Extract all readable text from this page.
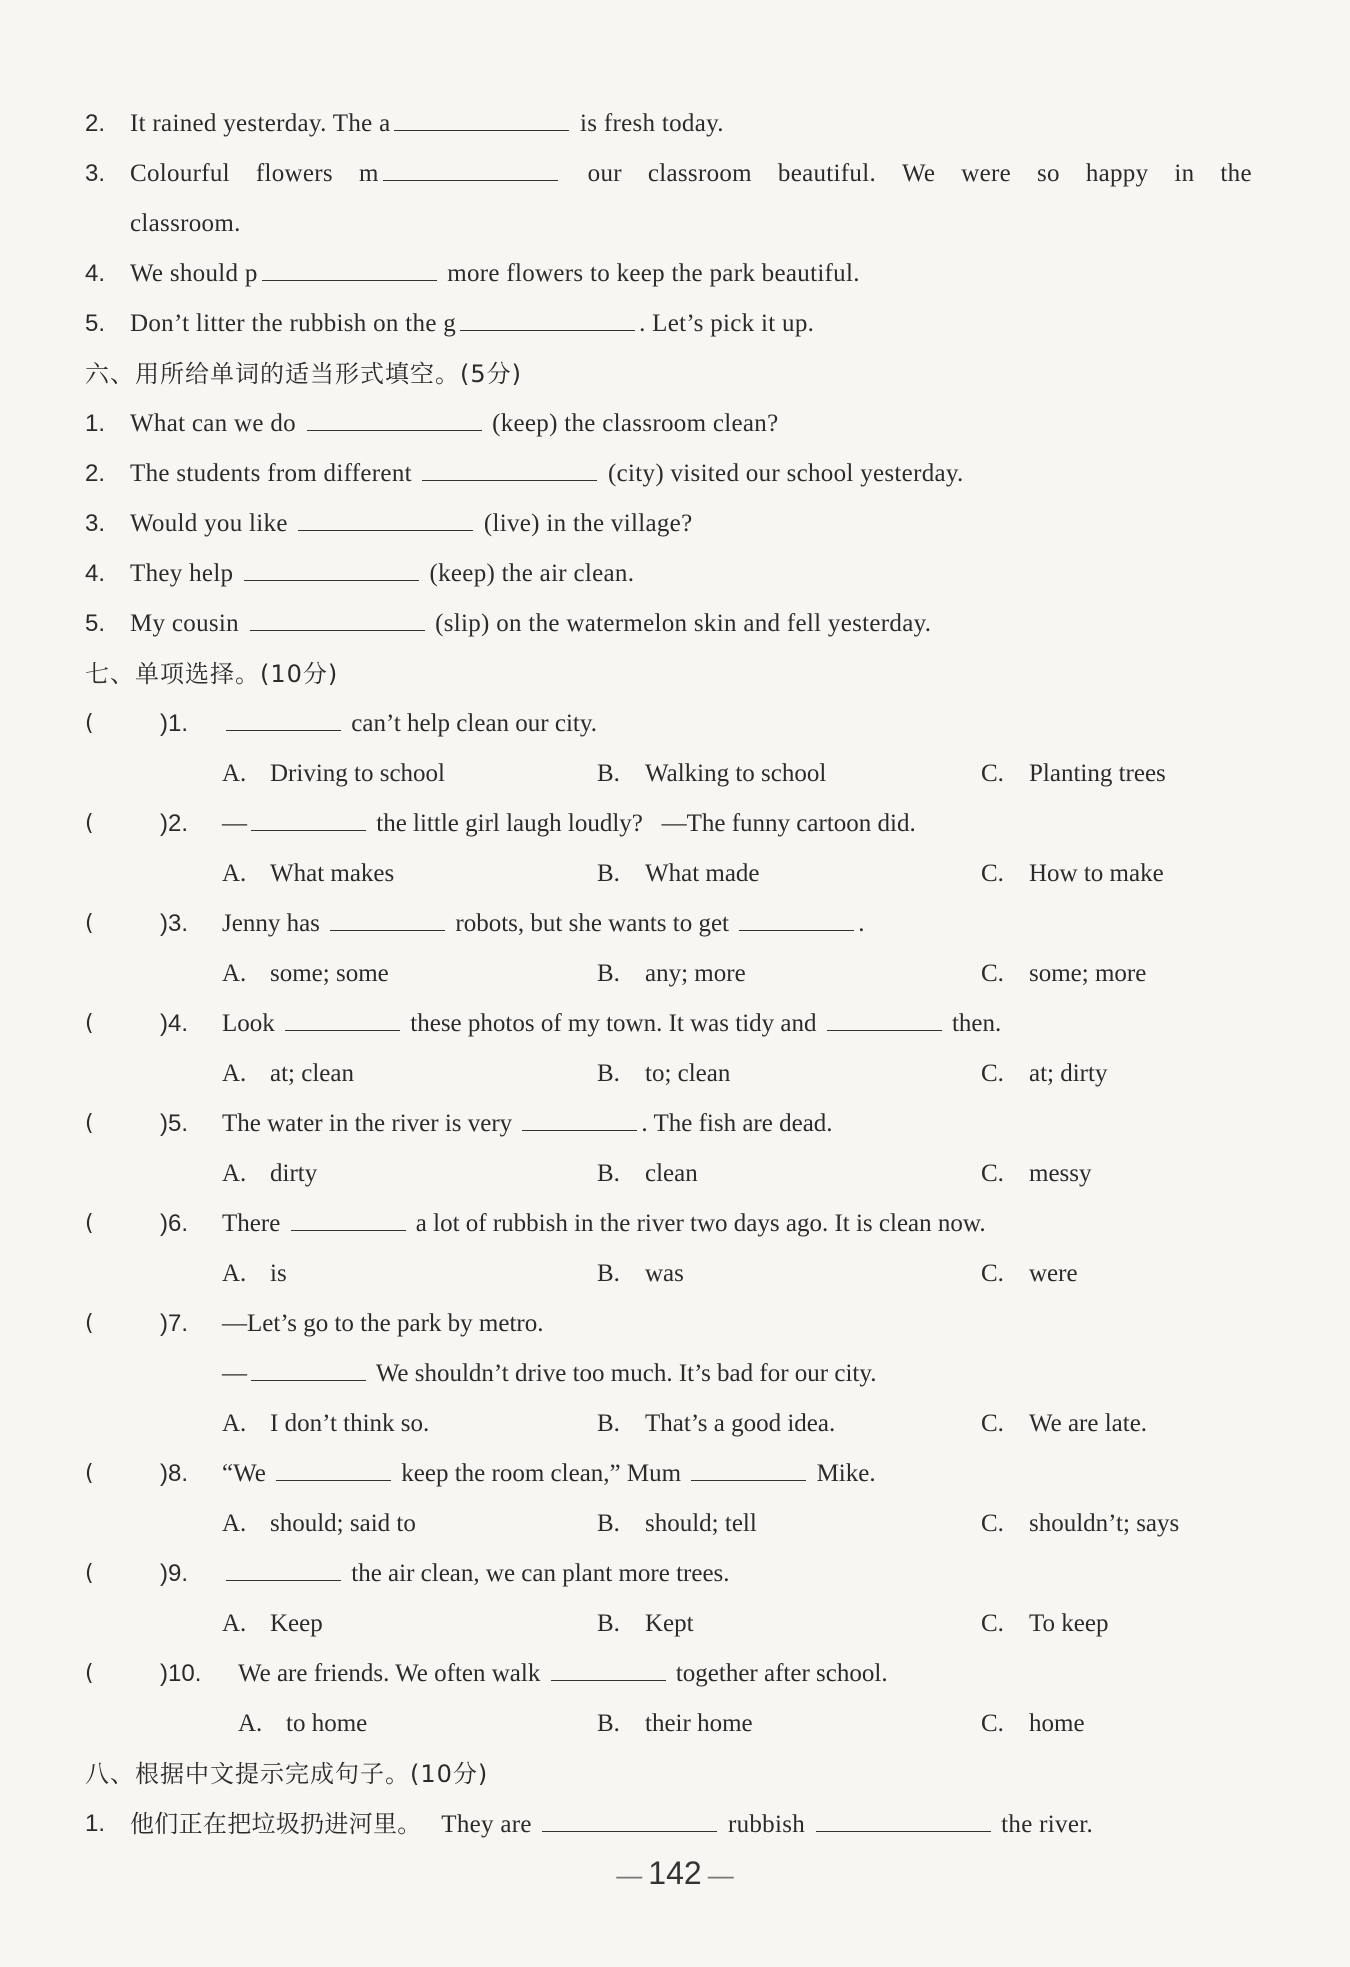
2. It rained yesterday. The a	is fresh today.
3. Colourful flowers m	our classroom beautiful. We were so happy in the
classroom.
4. We should p	more flowers to keep the park beautiful.
5. Don’t litter the rubbish on the g	. Let’s pick it up.
六、用所给单词的适当形式填空。(5分)
1. What can we do	(keep) the classroom clean?
2. The students from different	(city) visited our school yesterday.
3. Would you like	(live) in the village?
4. They help	(keep) the air clean.
5. My cousin	(slip) on the watermelon skin and fell yesterday.
七、单项选择。(10分)
(	)1.	can’t help clean our city.
A. Driving to school	B. Walking to school	C. Planting trees
(	)2. —	the little girl laugh loudly?   —The funny cartoon did.
A. What makes	B. What made	C. How to make
(	)3. Jenny has	robots, but she wants to get	.
A. some; some	B. any; more	C. some; more
(	)4. Look	these photos of my town. It was tidy and	then.
A. at; clean	B. to; clean	C. at; dirty
(	)5. The water in the river is very	. The fish are dead.
A. dirty	B. clean	C. messy
(	)6. There	a lot of rubbish in the river two days ago. It is clean now.
A. is	B. was	C. were
(	)7. —Let’s go to the park by metro.
—	We shouldn’t drive too much. It’s bad for our city.
A. I don’t think so.	B. That’s a good idea.	C. We are late.
(	)8. “We	keep the room clean,” Mum	Mike.
A. should; said to	B. should; tell	C. shouldn’t; says
(	)9.	the air clean, we can plant more trees.
A. Keep	B. Kept	C. To keep
(	)10. We are friends. We often walk	together after school.
A. to home	B. their home	C. home
八、根据中文提示完成句子。(10分)
1. 他们正在把垃圾扔进河里。 They are	rubbish	the river.
— 142 —
